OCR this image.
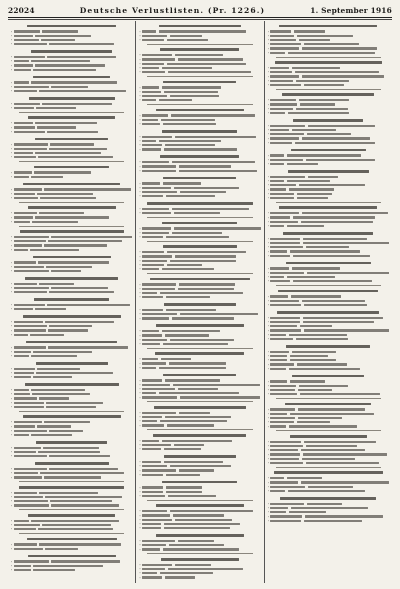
22024	Deutsche Verlustlisten. (Pr. 1226.)	1. September 1916
·
·
·
·
·
·
·
·
·
·
·
·
·
·
·
·
·
·
·
·
·
·
·
·
·
·
·
·
·
·
·
·
·
·
·
·
·
·
·
·
·
·
·
·
·
·
·
·
·
·
·
·
·
·
·
·
·
·
·
·
·
·
·
·
·
·
·
·
·
·
·
·
·
·
·
·
·
·
·
·
·
·
·
·
·
·
·
·
·
·
·
·
·
·
·
·
·
·
·
·
·
·
·
·
·
·
·
·
·
·
·
·
·
·
·
·
·
·
·
·
·
·
·
·
·
·
·
·
·
·
·
·
·
·
·
·
·
·
·
·
·
·
·
·
·
·
·
·
·
·
·
·
·
·
·
·
·
·
·
·
·
·
·
·
·
·
·
·
·
·
·
·
·
·
·
·
·
·
·
·
·
·
·
·
·
·
·
·
·
·
·
·
·
·
·
·
·
·
·
·
·
·
·
·
·
·
·
·
·
·
·
·
·
·
·
·
·
·
·
·
·
·
·
·
·
·
·
·
·
·
·
·
·
·
·
·
·
·
